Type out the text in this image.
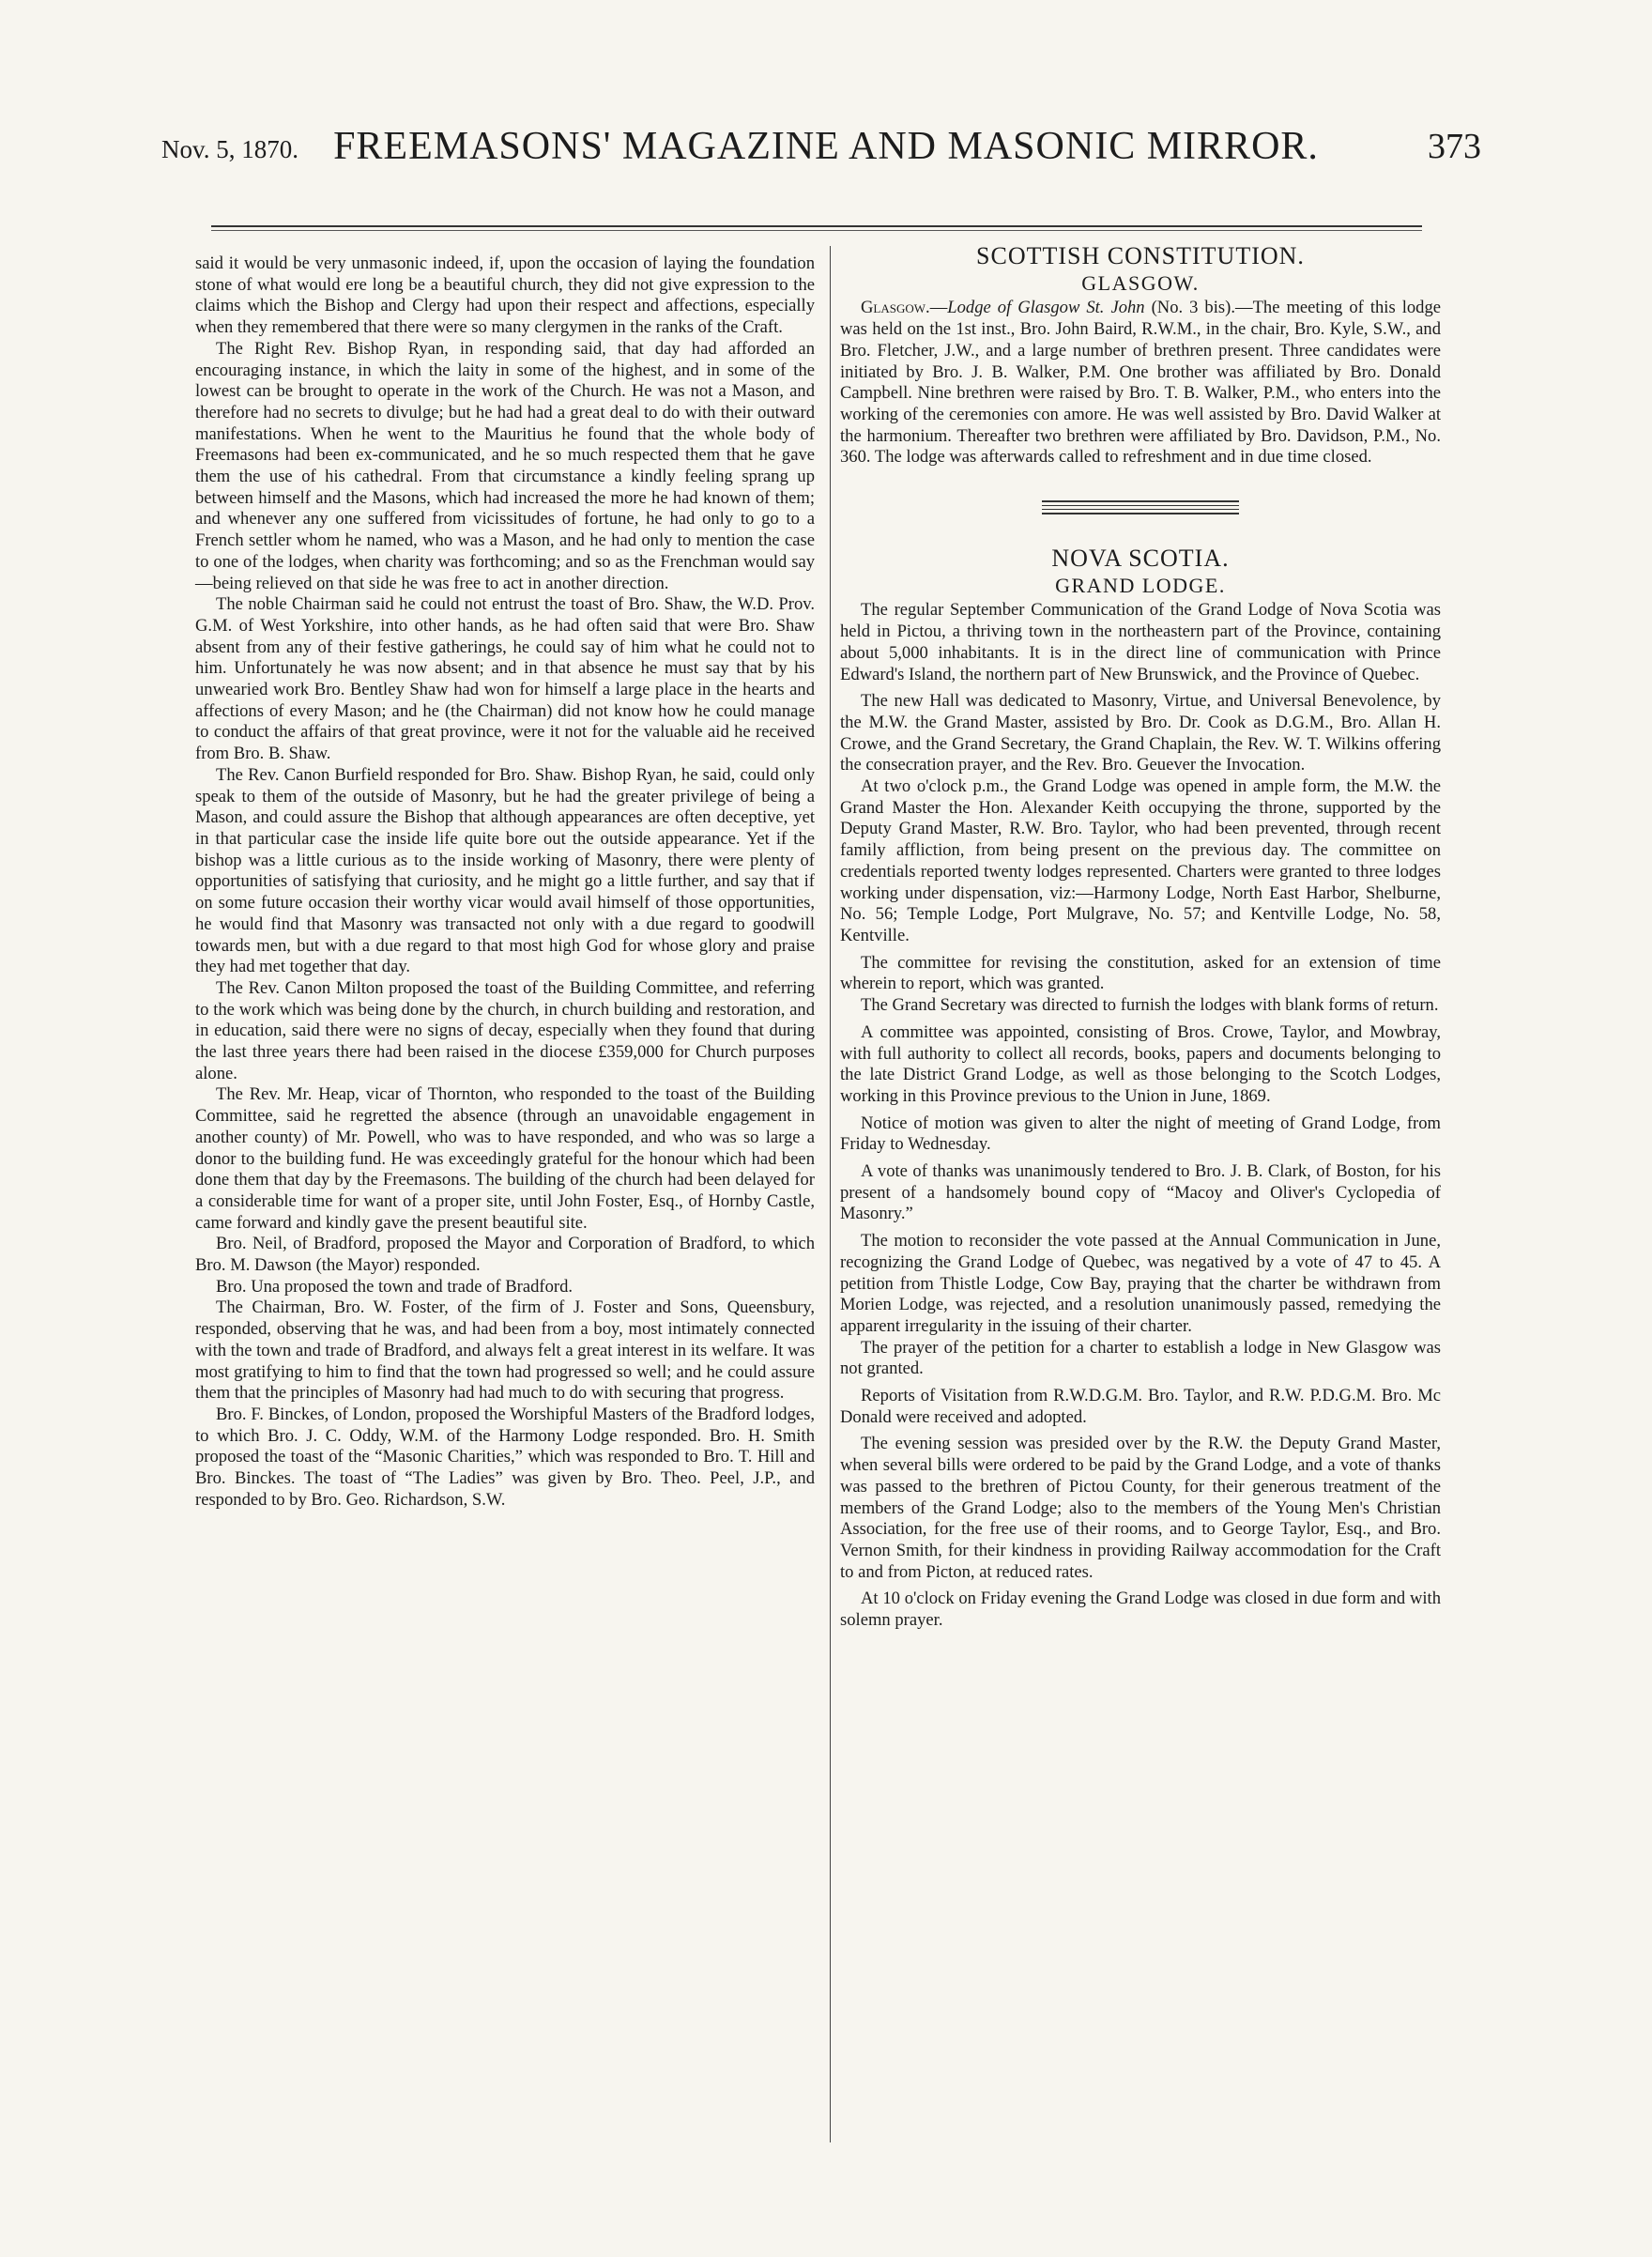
Nov. 5, 1870. FREEMASONS' MAGAZINE AND MASONIC MIRROR.	373

said it would be very unmasonic indeed, if, upon the occasion of laying the foundation stone of what would ere long be a beautiful church, they did not give expression to the claims which the Bishop and Clergy had upon their respect and affections, especially when they remembered that there were so many clergymen in the ranks of the Craft.

The Right Rev. Bishop Ryan, in responding said, that day had afforded an encouraging instance, in which the laity in some of the highest, and in some of the lowest can be brought to operate in the work of the Church. He was not a Mason, and therefore had no secrets to divulge; but he had had a great deal to do with their outward manifestations. When he went to the Mauritius he found that the whole body of Freemasons had been ex-communicated, and he so much respected them that he gave them the use of his cathedral. From that circumstance a kindly feeling sprang up between himself and the Masons, which had increased the more he had known of them; and whenever any one suffered from vicissitudes of fortune, he had only to go to a French settler whom he named, who was a Mason, and he had only to mention the case to one of the lodges, when charity was forthcoming; and so as the Frenchman would say—being relieved on that side he was free to act in another direction.

The noble Chairman said he could not entrust the toast of Bro. Shaw, the W.D. Prov. G.M. of West Yorkshire, into other hands, as he had often said that were Bro. Shaw absent from any of their festive gatherings, he could say of him what he could not to him. Unfortunately he was now absent; and in that absence he must say that by his unwearied work Bro. Bentley Shaw had won for himself a large place in the hearts and affections of every Mason; and he (the Chairman) did not know how he could manage to conduct the affairs of that great province, were it not for the valuable aid he received from Bro. B. Shaw.

The Rev. Canon Burfield responded for Bro. Shaw. Bishop Ryan, he said, could only speak to them of the outside of Masonry, but he had the greater privilege of being a Mason, and could assure the Bishop that although appearances are often deceptive, yet in that particular case the inside life quite bore out the outside appearance. Yet if the bishop was a little curious as to the inside working of Masonry, there were plenty of opportunities of satisfying that curiosity, and he might go a little further, and say that if on some future occasion their worthy vicar would avail himself of those opportunities, he would find that Masonry was transacted not only with a due regard to goodwill towards men, but with a due regard to that most high God for whose glory and praise they had met together that day.

The Rev. Canon Milton proposed the toast of the Building Committee, and referring to the work which was being done by the church, in church building and restoration, and in education, said there were no signs of decay, especially when they found that during the last three years there had been raised in the diocese £359,000 for Church purposes alone.

The Rev. Mr. Heap, vicar of Thornton, who responded to the toast of the Building Committee, said he regretted the absence (through an unavoidable engagement in another county) of Mr. Powell, who was to have responded, and who was so large a donor to the building fund. He was exceedingly grateful for the honour which had been done them that day by the Freemasons. The building of the church had been delayed for a considerable time for want of a proper site, until John Foster, Esq., of Hornby Castle, came forward and kindly gave the present beautiful site.

Bro. Neil, of Bradford, proposed the Mayor and Corporation of Bradford, to which Bro. M. Dawson (the Mayor) responded.

Bro. Una proposed the town and trade of Bradford.

The Chairman, Bro. W. Foster, of the firm of J. Foster and Sons, Queensbury, responded, observing that he was, and had been from a boy, most intimately connected with the town and trade of Bradford, and always felt a great interest in its welfare. It was most gratifying to him to find that the town had progressed so well; and he could assure them that the principles of Masonry had had much to do with securing that progress.

Bro. F. Binckes, of London, proposed the Worshipful Masters of the Bradford lodges, to which Bro. J. C. Oddy, W.M. of the Harmony Lodge responded. Bro. H. Smith proposed the toast of the “Masonic Charities,” which was responded to Bro. T. Hill and Bro. Binckes. The toast of “The Ladies” was given by Bro. Theo. Peel, J.P., and responded to by Bro. Geo. Richardson, S.W.

SCOTTISH CONSTITUTION.
GLASGOW.

Glasgow.—Lodge of Glasgow St. John (No. 3 bis).—The meeting of this lodge was held on the 1st inst., Bro. John Baird, R.W.M., in the chair, Bro. Kyle, S.W., and Bro. Fletcher, J.W., and a large number of brethren present. Three candidates were initiated by Bro. J. B. Walker, P.M. One brother was affiliated by Bro. Donald Campbell. Nine brethren were raised by Bro. T. B. Walker, P.M., who enters into the working of the ceremonies con amore. He was well assisted by Bro. David Walker at the harmonium. Thereafter two brethren were affiliated by Bro. Davidson, P.M., No. 360. The lodge was afterwards called to refreshment and in due time closed.

NOVA SCOTIA.
GRAND LODGE.

The regular September Communication of the Grand Lodge of Nova Scotia was held in Pictou, a thriving town in the northeastern part of the Province, containing about 5,000 inhabitants. It is in the direct line of communication with Prince Edward's Island, the northern part of New Brunswick, and the Province of Quebec.

The new Hall was dedicated to Masonry, Virtue, and Universal Benevolence, by the M.W. the Grand Master, assisted by Bro. Dr. Cook as D.G.M., Bro. Allan H. Crowe, and the Grand Secretary, the Grand Chaplain, the Rev. W. T. Wilkins offering the consecration prayer, and the Rev. Bro. Geuever the Invocation.

At two o'clock p.m., the Grand Lodge was opened in ample form, the M.W. the Grand Master the Hon. Alexander Keith occupying the throne, supported by the Deputy Grand Master, R.W. Bro. Taylor, who had been prevented, through recent family affliction, from being present on the previous day. The committee on credentials reported twenty lodges represented. Charters were granted to three lodges working under dispensation, viz:—Harmony Lodge, North East Harbor, Shelburne, No. 56; Temple Lodge, Port Mulgrave, No. 57; and Kentville Lodge, No. 58, Kentville.

The committee for revising the constitution, asked for an extension of time wherein to report, which was granted.

The Grand Secretary was directed to furnish the lodges with blank forms of return.

A committee was appointed, consisting of Bros. Crowe, Taylor, and Mowbray, with full authority to collect all records, books, papers and documents belonging to the late District Grand Lodge, as well as those belonging to the Scotch Lodges, working in this Province previous to the Union in June, 1869.

Notice of motion was given to alter the night of meeting of Grand Lodge, from Friday to Wednesday.

A vote of thanks was unanimously tendered to Bro. J. B. Clark, of Boston, for his present of a handsomely bound copy of “Macoy and Oliver's Cyclopedia of Masonry.”

The motion to reconsider the vote passed at the Annual Communication in June, recognizing the Grand Lodge of Quebec, was negatived by a vote of 47 to 45. A petition from Thistle Lodge, Cow Bay, praying that the charter be withdrawn from Morien Lodge, was rejected, and a resolution unanimously passed, remedying the apparent irregularity in the issuing of their charter.

The prayer of the petition for a charter to establish a lodge in New Glasgow was not granted.

Reports of Visitation from R.W.D.G.M. Bro. Taylor, and R.W. P.D.G.M. Bro. Mc Donald were received and adopted.

The evening session was presided over by the R.W. the Deputy Grand Master, when several bills were ordered to be paid by the Grand Lodge, and a vote of thanks was passed to the brethren of Pictou County, for their generous treatment of the members of the Grand Lodge; also to the members of the Young Men's Christian Association, for the free use of their rooms, and to George Taylor, Esq., and Bro. Vernon Smith, for their kindness in providing Railway accommodation for the Craft to and from Picton, at reduced rates.

At 10 o'clock on Friday evening the Grand Lodge was closed in due form and with solemn prayer.
